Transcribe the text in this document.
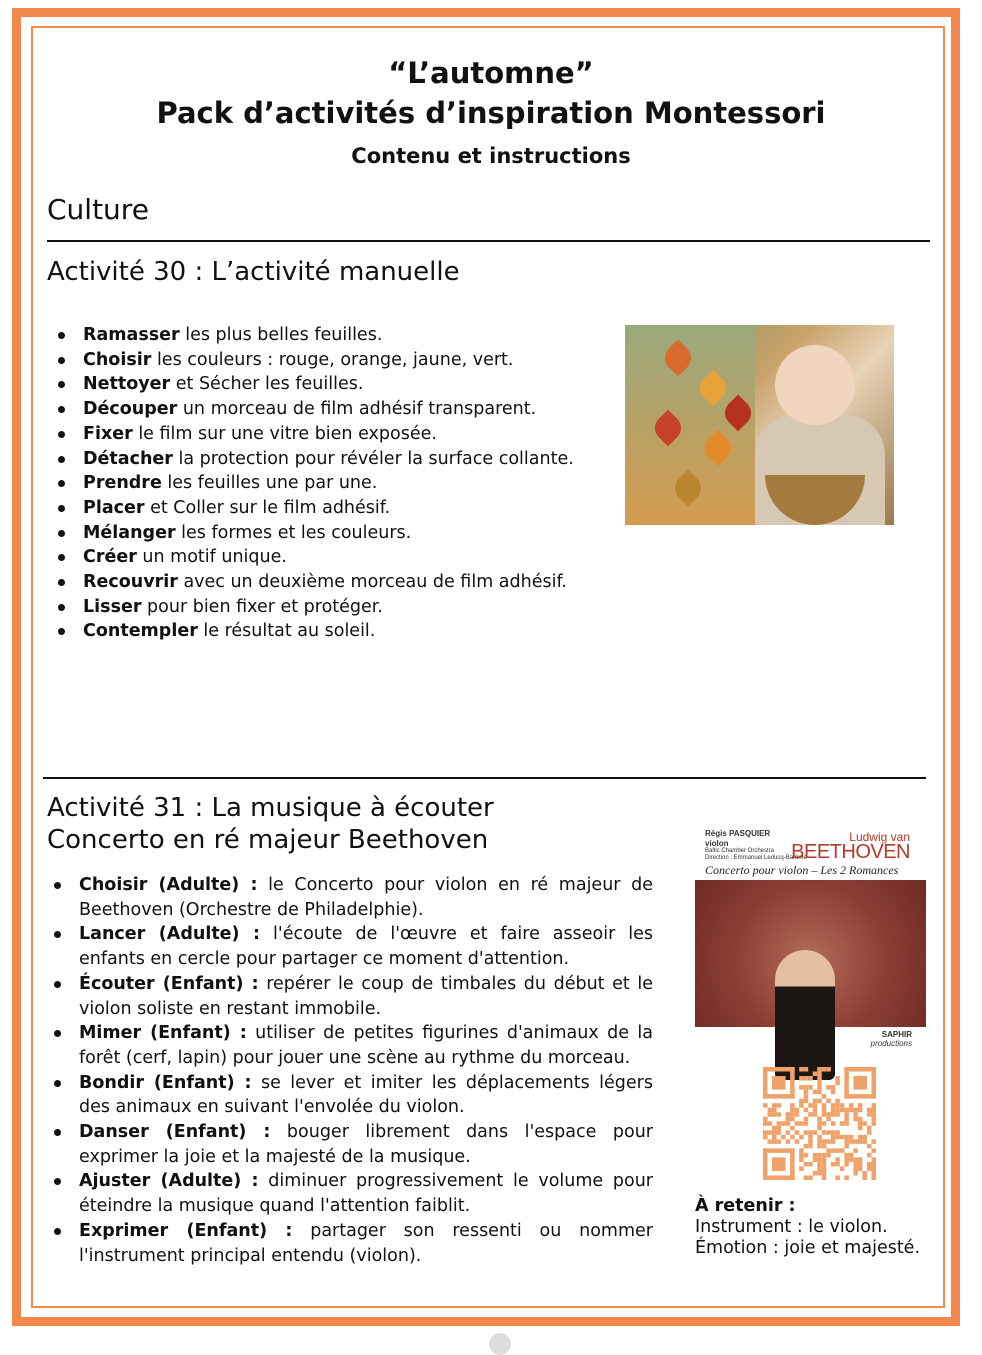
“L’automne”
Pack d’activités d’inspiration Montessori
Contenu et instructions
Culture
Activité 30 : L’activité manuelle
Ramasser les plus belles feuilles.
Choisir les couleurs : rouge, orange, jaune, vert.
Nettoyer et Sécher les feuilles.
Découper un morceau de film adhésif transparent.
Fixer le film sur une vitre bien exposée.
Détacher la protection pour révéler la surface collante.
Prendre les feuilles une par une.
Placer et Coller sur le film adhésif.
Mélanger les formes et les couleurs.
Créer un motif unique.
Recouvrir avec un deuxième morceau de film adhésif.
Lisser pour bien fixer et protéger.
Contempler le résultat au soleil.
Activité 31 : La musique à écouter
Concerto en ré majeur Beethoven
Choisir (Adulte) : le Concerto pour violon en ré majeur de Beethoven (Orchestre de Philadelphie).
Lancer (Adulte) : l'écoute de l'œuvre et faire asseoir les enfants en cercle pour partager ce moment d'attention.
Écouter (Enfant) : repérer le coup de timbales du début et le violon soliste en restant immobile.
Mimer (Enfant) : utiliser de petites figurines d'animaux de la forêt (cerf, lapin) pour jouer une scène au rythme du morceau.
Bondir (Enfant) : se lever et imiter les déplacements légers des animaux en suivant l'envolée du violon.
Danser (Enfant) : bouger librement dans l'espace pour exprimer la joie et la majesté de la musique.
Ajuster (Adulte) : diminuer progressivement le volume pour éteindre la musique quand l'attention faiblit.
Exprimer (Enfant) : partager son ressenti ou nommer l'instrument principal entendu (violon).
Régis PASQUIER
violon
Baltic Chamber Orchestra
Direction : Emmanuel Leducq-Barôme
Ludwig van
BEETHOVEN
Concerto pour violon – Les 2 Romances
SAPHIR
productions
À retenir :
Instrument : le violon.
Émotion : joie et majesté.
